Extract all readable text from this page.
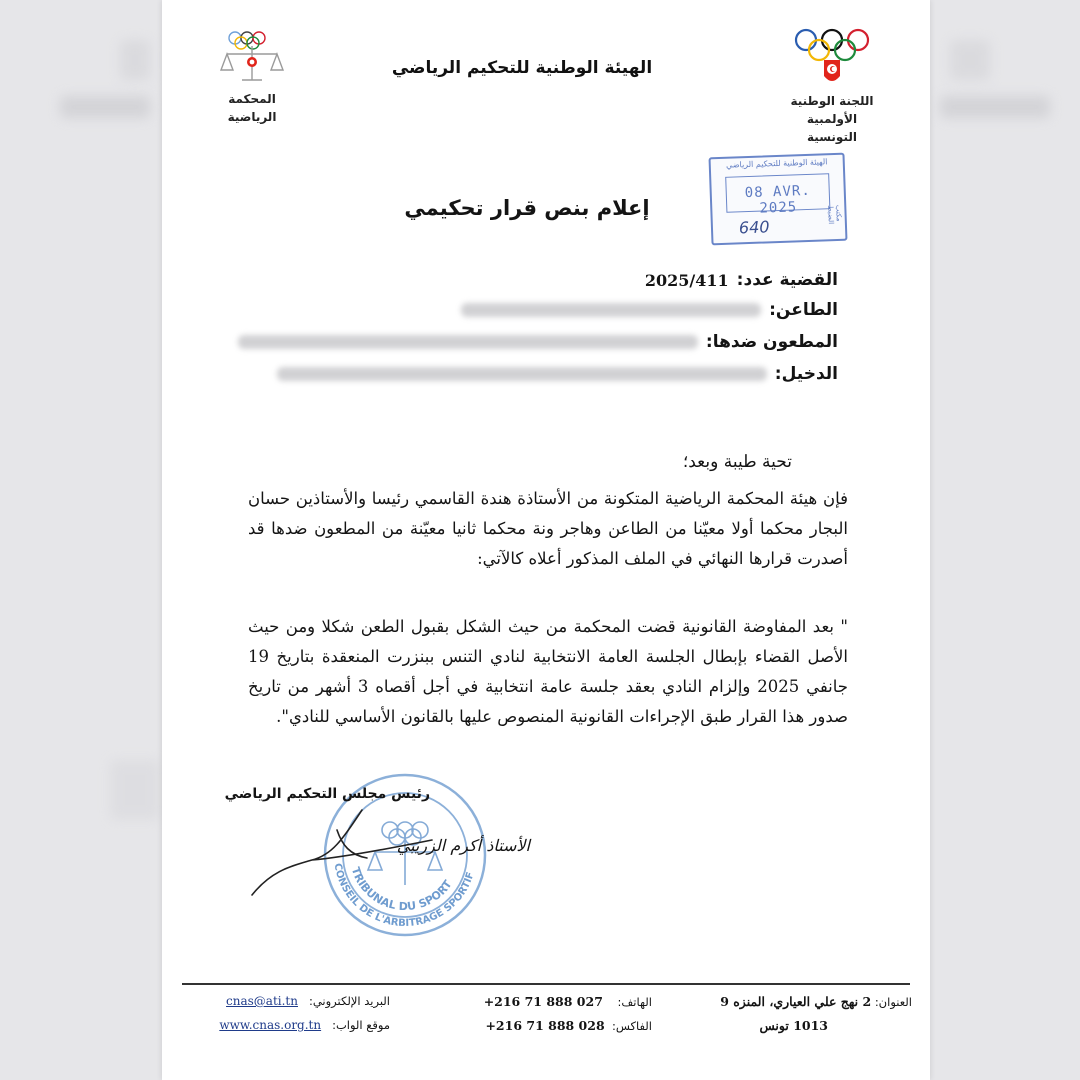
المحكمة الرياضية
الهيئة الوطنية للتحكيم الرياضي
اللجنة الوطنية الأولمبية
التونسية
الهيئة الوطنية للتحكيم الرياضي
08 AVR. 2025	مكتب الضبط
640
إعلام بنص قرار تحكيمي
القضية عدد:
2025/411
الطاعن:
المطعون ضدها:
الدخيل:
تحية طيبة وبعد؛

فإن هيئة المحكمة الرياضية المتكونة من الأستاذة هندة القاسمي رئيسا والأستاذين حسان البجار محكما أولا معيّنا من الطاعن وهاجر ونة محكما ثانيا معيّنة من المطعون ضدها قد أصدرت قرارها النهائي في الملف المذكور أعلاه كالآتي:

" بعد المفاوضة القانونية قضت المحكمة من حيث الشكل بقبول الطعن شكلا ومن حيث الأصل القضاء بإبطال الجلسة العامة الانتخابية لنادي التنس ببنزرت المنعقدة بتاريخ 19 جانفي 2025 وإلزام النادي بعقد جلسة عامة انتخابية في أجل أقصاه 3 أشهر من تاريخ صدور هذا القرار طبق الإجراءات القانونية المنصوص عليها بالقانون الأساسي للنادي".

TRIBUNAL DU SPORT
CONSEIL DE L'ARBITRAGE SPORTIF
رئيس مجلس التحكيم الرياضي
الأستاذ أكرم الزريبي
العنوان: 2 نهج علي العياري، المنزه 9
1013 تونس
الهاتف:    +216 71 888 027
الفاكس:  +216 71 888 028
البريد الإلكتروني:   cnas@ati.tn
موقع الواب:   www.cnas.org.tn
